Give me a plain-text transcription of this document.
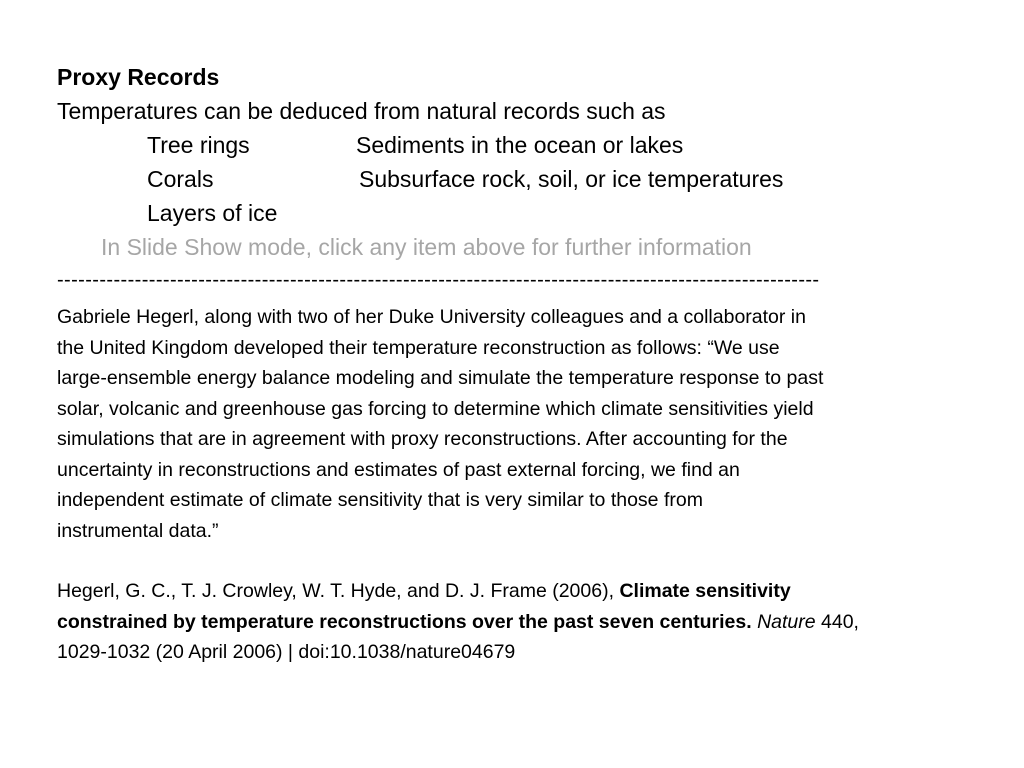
Proxy Records
Temperatures can be deduced from natural records such as
Tree rings	Sediments in the ocean or lakes
Corals	Subsurface rock, soil, or ice temperatures
Layers of ice
In Slide Show mode, click any item above for further information
------------------------------------------------------------------------------------------------------------
Gabriele Hegerl, along with two of her Duke University colleagues and a collaborator in
the United Kingdom developed their temperature reconstruction as follows: “We use
large-ensemble energy balance modeling and simulate the temperature response to past
solar, volcanic and greenhouse gas forcing to determine which climate sensitivities yield
simulations that are in agreement with proxy reconstructions. After accounting for the
uncertainty in reconstructions and estimates of past external forcing, we find an
independent estimate of climate sensitivity that is very similar to those from
instrumental data.”
Hegerl, G. C., T. J. Crowley, W. T. Hyde, and D. J. Frame (2006), Climate sensitivity
constrained by temperature reconstructions over the past seven centuries. Nature 440,
1029-1032 (20 April 2006) | doi:10.1038/nature04679
